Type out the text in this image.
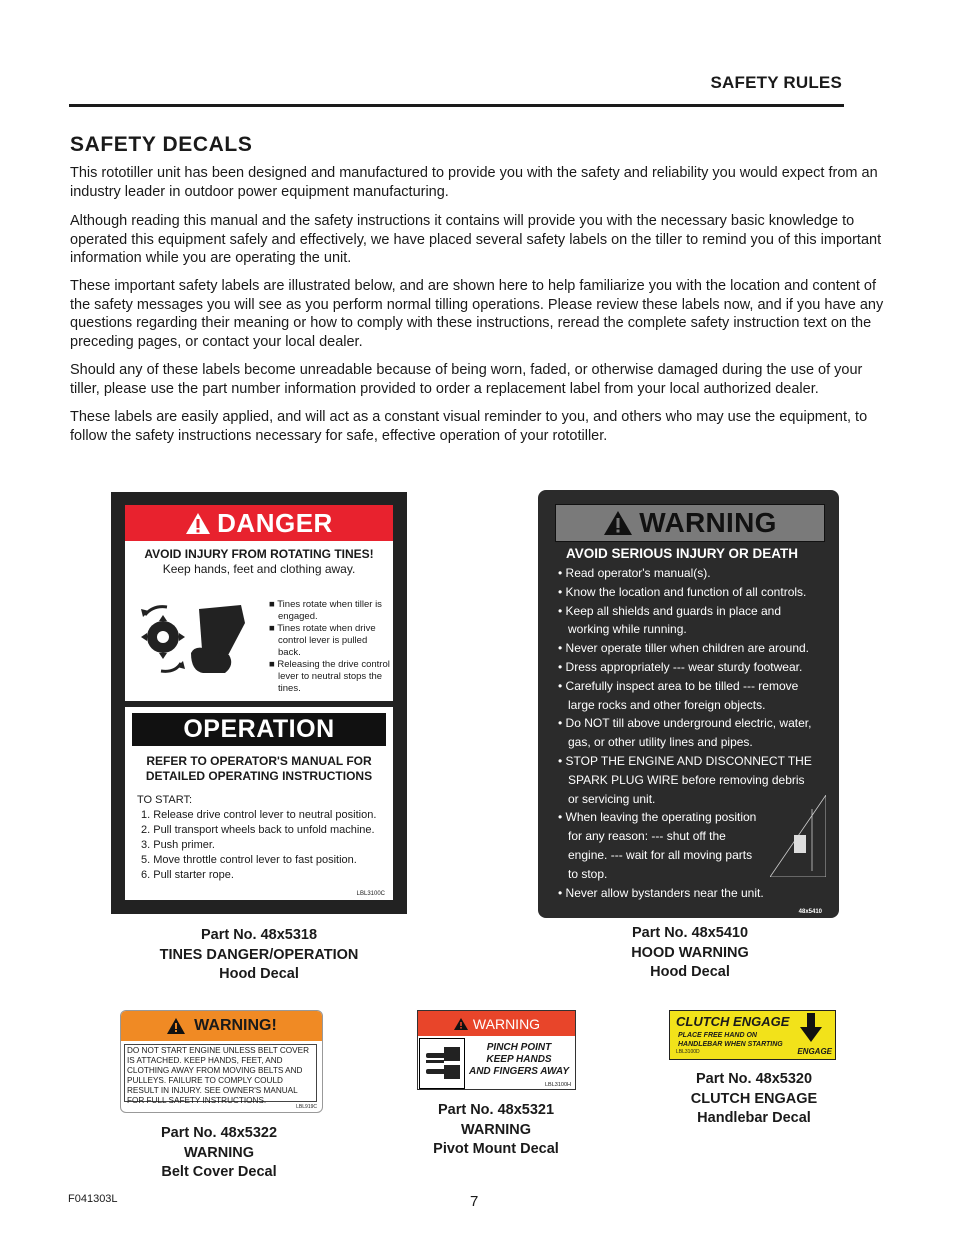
SAFETY RULES
SAFETY DECALS
This rototiller unit has been designed and manufactured to provide you with the safety and reliability you would expect from an industry leader in outdoor power equipment manufacturing.
Although reading this manual and the safety instructions it contains will provide you with the necessary basic knowledge to operated this equipment safely and effectively, we have placed several safety labels on the tiller to remind you of this important information while you are operating the unit.
These important safety labels are illustrated below, and are shown here to help familiarize you with the location and content of the safety messages you will see as you perform normal tilling operations. Please review these labels now, and if you have any questions regarding their meaning or how to comply with these instructions, reread the complete safety instruction text on the preceding pages, or contact your local dealer.
Should any of these labels become unreadable because of being worn, faded, or otherwise damaged during the use of your tiller, please use the part number information provided to order a replacement label from your local authorized dealer.
These labels are easily applied, and will act as a constant visual reminder to you, and others who may use the equipment, to follow the safety instructions necessary for safe, effective operation of your rototiller.
DANGER
AVOID INJURY FROM ROTATING TINES!
Keep hands, feet and clothing away.
■ Tines rotate when tiller is engaged.
■ Tines rotate when drive control lever is pulled back.
■ Releasing the drive control lever to neutral stops the tines.
OPERATION
REFER TO OPERATOR'S MANUAL FOR DETAILED OPERATING INSTRUCTIONS
TO START:
1. Release drive control lever to neutral position.
2. Pull transport wheels back to unfold machine.
3. Push primer.
5. Move throttle control lever to fast position.
6. Pull starter rope.
LBL3100C
Part No. 48x5318
TINES DANGER/OPERATION
Hood Decal
WARNING
AVOID SERIOUS INJURY OR DEATH
• Read operator's manual(s).
• Know the location and function of all controls.
• Keep all shields and guards in place and working while running.
• Never operate tiller when children are around.
• Dress appropriately --- wear sturdy footwear.
• Carefully inspect area to be tilled --- remove large rocks and other foreign objects.
• Do NOT till above underground electric, water, gas, or other utility lines and pipes.
• STOP THE ENGINE AND DISCONNECT THE SPARK PLUG WIRE before removing debris or servicing unit.
• When leaving the operating position for any reason: --- shut off the engine. --- wait for all moving parts to stop.
• Never allow bystanders near the unit.
48x5410
Part No. 48x5410
HOOD WARNING
Hood Decal
WARNING!
DO NOT START ENGINE UNLESS BELT COVER IS ATTACHED. KEEP HANDS, FEET, AND CLOTHING AWAY FROM MOVING BELTS AND PULLEYS. FAILURE TO COMPLY COULD RESULT IN INJURY. SEE OWNER'S MANUAL FOR FULL SAFETY INSTRUCTIONS.
LBL919C
Part No. 48x5322
WARNING
Belt Cover Decal
WARNING
PINCH POINT
KEEP HANDS
AND FINGERS AWAY
LBL3100H
Part No. 48x5321
WARNING
Pivot Mount Decal
CLUTCH ENGAGE
PLACE FREE HAND ON
HANDLEBAR WHEN STARTING
LBL3100D	ENGAGE
Part No. 48x5320
CLUTCH ENGAGE
Handlebar Decal
F041303L	7
